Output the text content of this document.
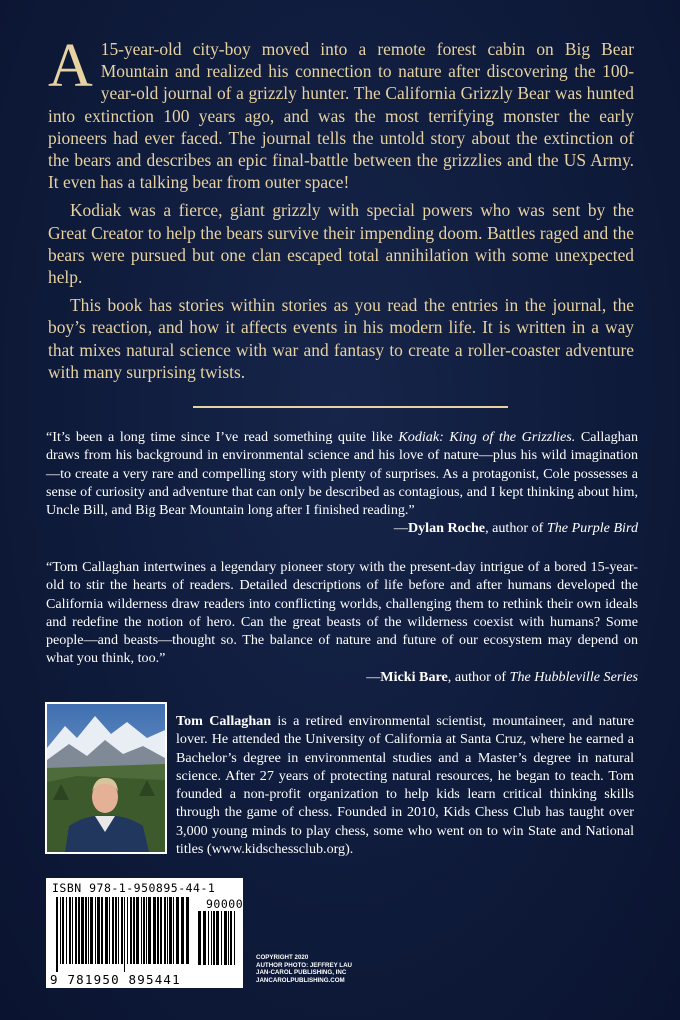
A 15-year-old city-boy moved into a remote forest cabin on Big Bear Mountain and realized his connection to nature after discovering the 100-year-old journal of a grizzly hunter. The California Grizzly Bear was hunted into extinction 100 years ago, and was the most terrifying monster the early pioneers had ever faced. The journal tells the untold story about the extinction of the bears and describes an epic final-battle between the grizzlies and the US Army. It even has a talking bear from outer space!

Kodiak was a fierce, giant grizzly with special powers who was sent by the Great Creator to help the bears survive their impending doom. Battles raged and the bears were pursued but one clan escaped total annihilation with some unexpected help.

This book has stories within stories as you read the entries in the journal, the boy’s reaction, and how it affects events in his modern life. It is written in a way that mixes natural science with war and fantasy to create a roller-coaster adventure with many surprising twists.

“It’s been a long time since I’ve read something quite like Kodiak: King of the Grizzlies. Callaghan draws from his background in environmental science and his love of nature—plus his wild imagination—to create a very rare and compelling story with plenty of surprises. As a protagonist, Cole possesses a sense of curiosity and adventure that can only be described as contagious, and I kept thinking about him, Uncle Bill, and Big Bear Mountain long after I finished reading.”
—Dylan Roche, author of The Purple Bird

“Tom Callaghan intertwines a legendary pioneer story with the present-day intrigue of a bored 15-year-old to stir the hearts of readers. Detailed descriptions of life before and after humans developed the California wilderness draw readers into conflicting worlds, challenging them to rethink their own ideals and redefine the notion of hero. Can the great beasts of the wilderness coexist with humans? Some people—and beasts—thought so. The balance of nature and future of our ecosystem may depend on what you think, too.”
—Micki Bare, author of The Hubbleville Series

Tom Callaghan is a retired environmental scientist, mountaineer, and nature lover. He attended the University of California at Santa Cruz, where he earned a Bachelor’s degree in environmental studies and a Master’s degree in natural science. After 27 years of protecting natural resources, he began to teach. Tom founded a non-profit organization to help kids learn critical thinking skills through the game of chess. Founded in 2010, Kids Chess Club has taught over 3,000 young minds to play chess, some who went on to win State and National titles (www.kidschessclub.org).

ISBN 978-1-950895-44-1
90000
9 781950 895441
COPYRIGHT 2020
AUTHOR PHOTO: JEFFREY LAU
JAN-CAROL PUBLISHING, INC
JANCAROLPUBLISHING.COM
